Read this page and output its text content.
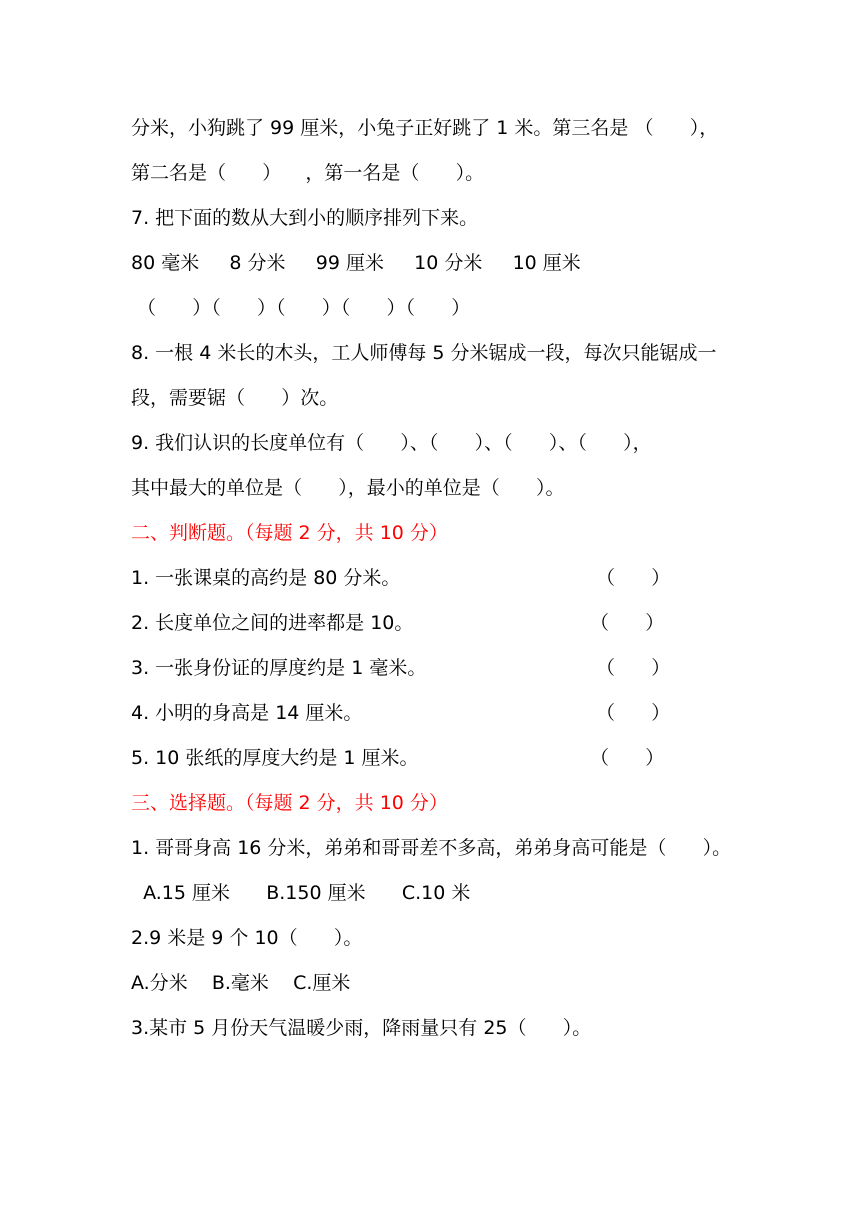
分米，小狗跳了 99 厘米，小兔子正好跳了 1 米。第三名是 （      ），
第二名是（      ）    ，第一名是（      ）。
7. 把下面的数从大到小的顺序排列下来。
80 毫米     8 分米     99 厘米     10 分米     10 厘米
（      ）（      ）（      ）（      ）（      ）
8. 一根 4 米长的木头，工人师傅每 5 分米锯成一段，每次只能锯成一
段，需要锯（      ）次。
9. 我们认识的长度单位有（      ）、（      ）、（      ）、（      ），
其中最大的单位是（      ），最小的单位是（      ）。
二、判断题。（每题 2 分，共 10 分）
1. 一张课桌的高约是 80 分米。	（      ）
2. 长度单位之间的进率都是 10。	（      ）
3. 一张身份证的厚度约是 1 毫米。	（      ）
4. 小明的身高是 14 厘米。	（      ）
5. 10 张纸的厚度大约是 1 厘米。	（      ）
三、选择题。（每题 2 分，共 10 分）
1. 哥哥身高 16 分米，弟弟和哥哥差不多高，弟弟身高可能是（      ）。
A.15 厘米      B.150 厘米      C.10 米
2.9 米是 9 个 10（      ）。
A.分米    B.毫米    C.厘米
3.某市 5 月份天气温暖少雨，降雨量只有 25（      ）。
